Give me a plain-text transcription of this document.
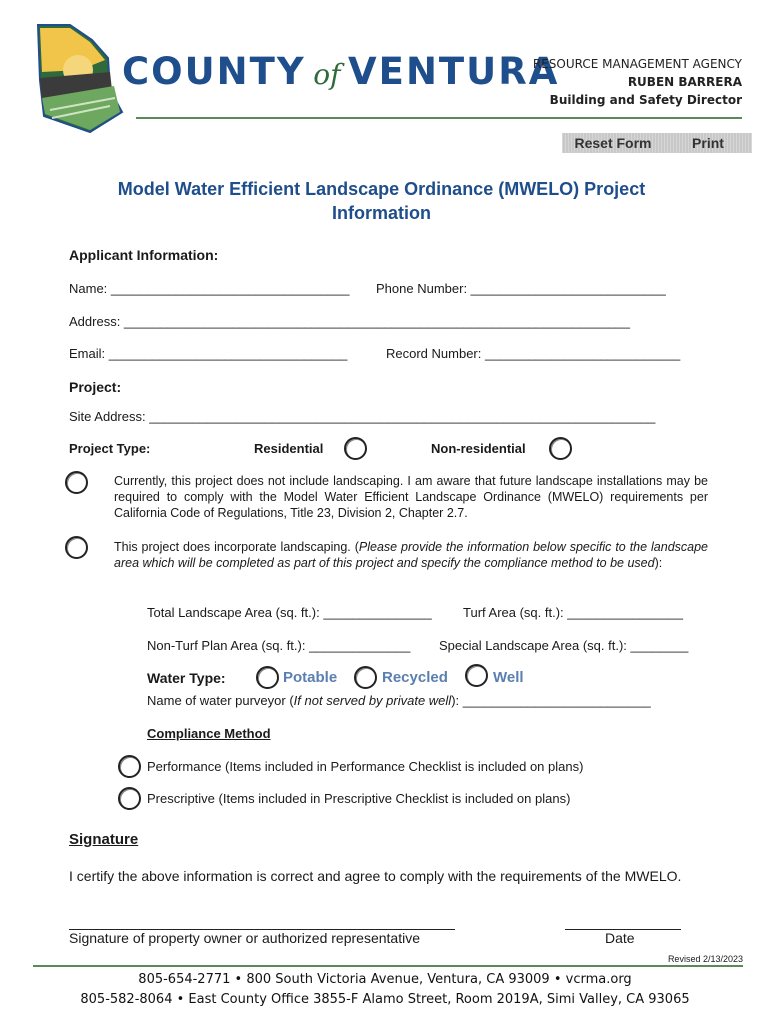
COUNTY of VENTURA
RESOURCE MANAGEMENT AGENCY
RUBEN BARRERA
Building and Safety Director
Reset Form	Print
Model Water Efficient Landscape Ordinance (MWELO) Project
Information
Applicant Information:
Name: _________________________________ Phone Number: ___________________________
Address: ______________________________________________________________________
Email: _________________________________	Record Number: ___________________________
Project:
Site Address: ______________________________________________________________________
Project Type:	Residential	Non-residential
Currently, this project does not include landscaping. I am aware that future landscape installations may be required to comply with the Model Water Efficient Landscape Ordinance (MWELO) requirements per California Code of Regulations, Title 23, Division 2, Chapter 2.7.
This project does incorporate landscaping. (Please provide the information below specific to the landscape area which will be completed as part of this project and specify the compliance method to be used):
Total Landscape Area (sq. ft.): _______________ Turf Area (sq. ft.): ________________
Non-Turf Plan Area (sq. ft.): ______________ Special Landscape Area (sq. ft.): ________
Water Type:	Potable	Recycled	Well
Name of water purveyor (If not served by private well): __________________________
Compliance Method
Performance (Items included in Performance Checklist is included on plans)
Prescriptive (Items included in Prescriptive Checklist is included on plans)
Signature
I certify the above information is correct and agree to comply with the requirements of the MWELO.
Signature of property owner or authorized representative	Date
Revised 2/13/2023
805-654-2771 • 800 South Victoria Avenue, Ventura, CA 93009 • vcrma.org
805-582-8064 • East County Office 3855-F Alamo Street, Room 2019A, Simi Valley, CA 93065
